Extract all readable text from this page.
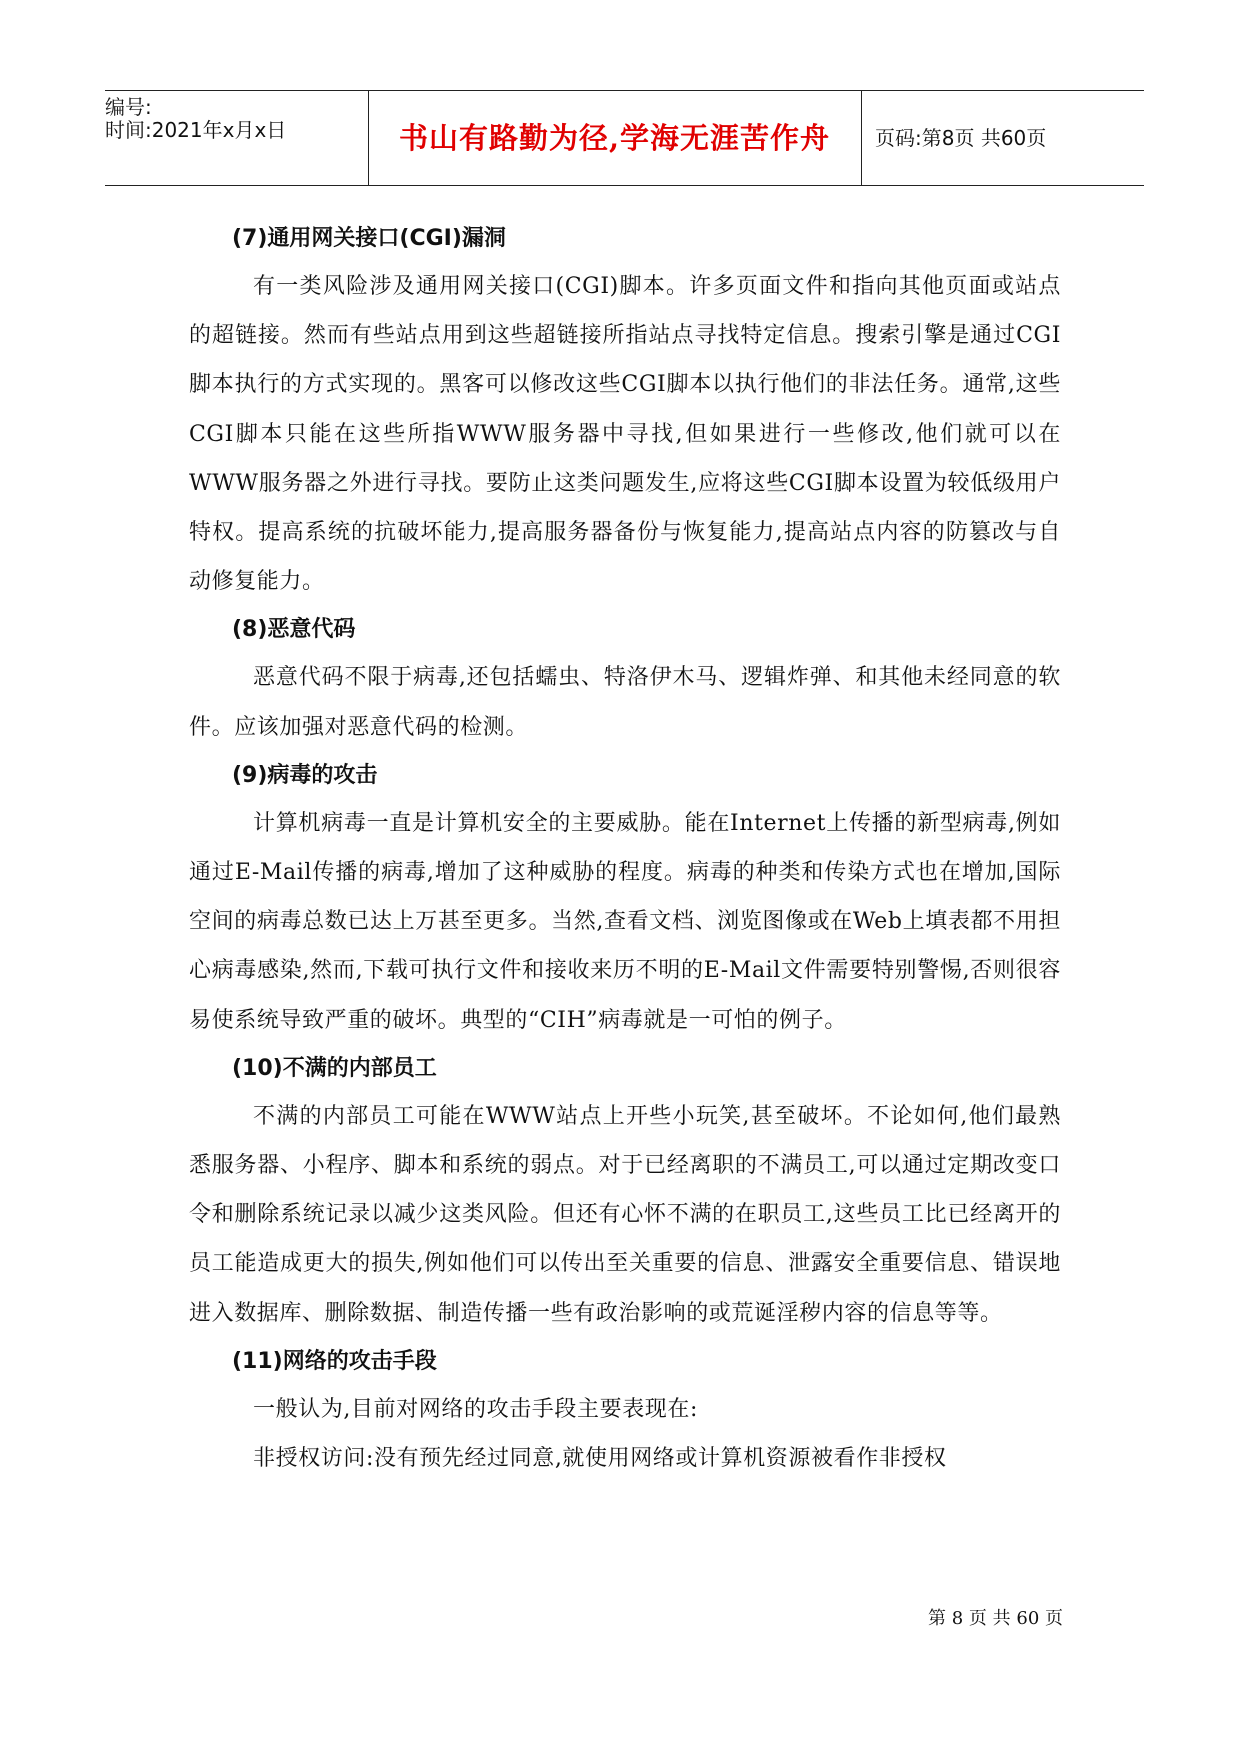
编号:
时间:2021年x月x日	书山有路勤为径,学海无涯苦作舟	页码:第8页 共60页

(7)通用网关接口(CGI)漏洞

有一类风险涉及通用网关接口(CGI)脚本。许多页面文件和指向其他页面或站点的超链接。然而有些站点用到这些超链接所指站点寻找特定信息。搜索引擎是通过CGI脚本执行的方式实现的。黑客可以修改这些CGI脚本以执行他们的非法任务。通常,这些CGI脚本只能在这些所指WWW服务器中寻找,但如果进行一些修改,他们就可以在WWW服务器之外进行寻找。要防止这类问题发生,应将这些CGI脚本设置为较低级用户特权。提高系统的抗破坏能力,提高服务器备份与恢复能力,提高站点内容的防篡改与自动修复能力。

(8)恶意代码

恶意代码不限于病毒,还包括蠕虫、特洛伊木马、逻辑炸弹、和其他未经同意的软件。应该加强对恶意代码的检测。

(9)病毒的攻击

计算机病毒一直是计算机安全的主要威胁。能在Internet上传播的新型病毒,例如通过E-Mail传播的病毒,增加了这种威胁的程度。病毒的种类和传染方式也在增加,国际空间的病毒总数已达上万甚至更多。当然,查看文档、浏览图像或在Web上填表都不用担心病毒感染,然而,下载可执行文件和接收来历不明的E-Mail文件需要特别警惕,否则很容易使系统导致严重的破坏。典型的“CIH”病毒就是一可怕的例子。

(10)不满的内部员工

不满的内部员工可能在WWW站点上开些小玩笑,甚至破坏。不论如何,他们最熟悉服务器、小程序、脚本和系统的弱点。对于已经离职的不满员工,可以通过定期改变口令和删除系统记录以减少这类风险。但还有心怀不满的在职员工,这些员工比已经离开的员工能造成更大的损失,例如他们可以传出至关重要的信息、泄露安全重要信息、错误地进入数据库、删除数据、制造传播一些有政治影响的或荒诞淫秽内容的信息等等。

(11)网络的攻击手段

一般认为,目前对网络的攻击手段主要表现在:

非授权访问:没有预先经过同意,就使用网络或计算机资源被看作非授权

第 8 页 共 60 页
